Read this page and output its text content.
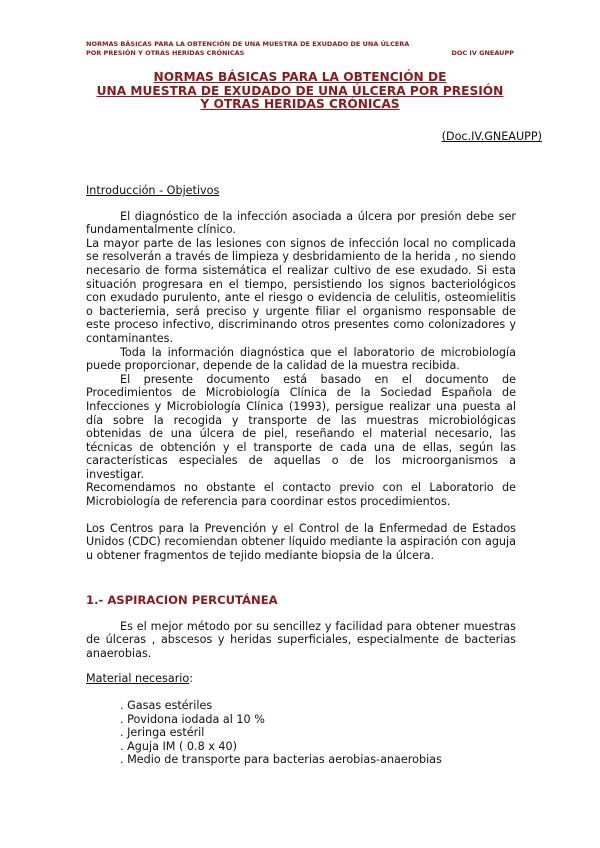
NORMAS BÁSICAS PARA LA OBTENCIÓN DE UNA MUESTRA DE EXUDADO DE UNA ÚLCERA POR PRESIÓN Y OTRAS HERIDAS CRÓNICAS	DOC IV GNEAUPP
NORMAS BÁSICAS PARA LA OBTENCIÓN DE
UNA MUESTRA DE EXUDADO DE UNA ÚLCERA POR PRESIÓN
Y OTRAS HERIDAS CRÓNICAS
(Doc.IV.GNEAUPP)
Introducción - Objetivos

El diagnóstico de la infección asociada a úlcera por presión debe ser fundamentalmente clínico.

La mayor parte de las lesiones con signos de infección local no complicada se resolverán a través de limpieza y desbridamiento de la herida , no siendo necesario de forma sistemática el realizar cultivo de ese exudado. Si esta situación progresara en el tiempo, persistiendo los signos bacteriológicos con exudado purulento, ante el riesgo o evidencia de celulitis, osteomielitis o bacteriemia, será preciso y urgente filiar el organismo responsable de este proceso infectivo, discriminando otros presentes como colonizadores y contaminantes.

Toda la información diagnóstica que el laboratorio de microbiología puede proporcionar, depende de la calidad de la muestra recibida.

El presente documento está basado en el documento de Procedimientos de Microbiología Clínica de la Sociedad Española de Infecciones y Microbiología Clínica (1993), persigue realizar una puesta al día sobre la recogida y transporte de las muestras microbiológicas obtenidas de una úlcera de piel, reseñando el material necesario, las técnicas de obtención y el transporte de cada una de ellas, según las características especiales de aquellas o de los microorganismos a investigar.

Recomendamos no obstante el contacto previo con el Laboratorio de Microbiología de referencia para coordinar estos procedimientos.

Los Centros para la Prevención y el Control de la Enfermedad de Estados Unidos (CDC) recomiendan obtener líquido mediante la aspiración con aguja u obtener fragmentos de tejido mediante biopsia de la úlcera.

1.- ASPIRACION PERCUTÁNEA

Es el mejor método por su sencillez y facilidad para obtener muestras de úlceras , abscesos y heridas superficiales, especialmente de bacterias anaerobias.

Material necesario:
. Gasas estériles
. Povidona iodada al 10 %
. Jeringa estéril
. Aguja IM ( 0.8 x 40)
. Medio de transporte para bacterias aerobias-anaerobias
